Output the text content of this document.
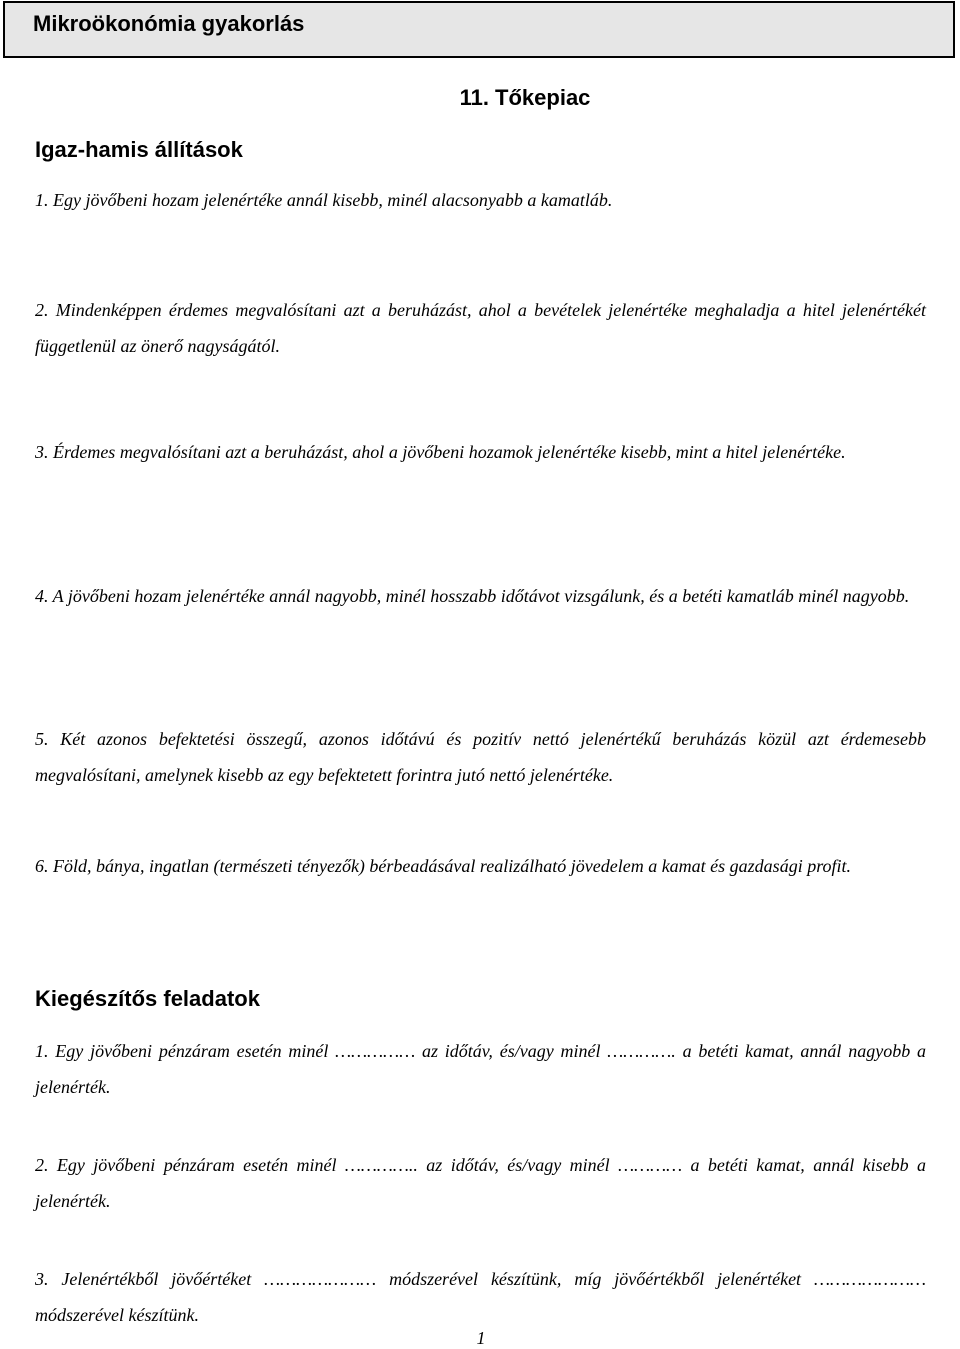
Mikroökonómia gyakorlás
11. Tőkepiac
Igaz-hamis állítások
1. Egy jövőbeni hozam jelenértéke annál kisebb, minél alacsonyabb a kamatláb.
2. Mindenképpen érdemes megvalósítani azt a beruházást, ahol a bevételek jelenértéke meghaladja a hitel jelenértékét függetlenül az önerő nagyságától.
3. Érdemes megvalósítani azt a beruházást, ahol a jövőbeni hozamok jelenértéke kisebb, mint a hitel jelenértéke.
4. A jövőbeni hozam jelenértéke annál nagyobb, minél hosszabb időtávot vizsgálunk, és a betéti kamatláb minél nagyobb.
5. Két azonos befektetési összegű, azonos időtávú és pozitív nettó jelenértékű beruházás közül azt érdemesebb megvalósítani, amelynek kisebb az egy befektetett forintra jutó nettó jelenértéke.
6. Föld, bánya, ingatlan (természeti tényezők) bérbeadásával realizálható jövedelem a kamat és gazdasági profit.
Kiegészítős feladatok
1. Egy jövőbeni pénzáram esetén minél …………… az időtáv, és/vagy minél …………. a betéti kamat, annál nagyobb a jelenérték.
2. Egy jövőbeni pénzáram esetén minél ………….. az időtáv, és/vagy minél ………… a betéti kamat, annál kisebb a jelenérték.
3. Jelenértékből jövőértéket ………………… módszerével készítünk, míg jövőértékből jelenértéket ………………… módszerével készítünk.
1
